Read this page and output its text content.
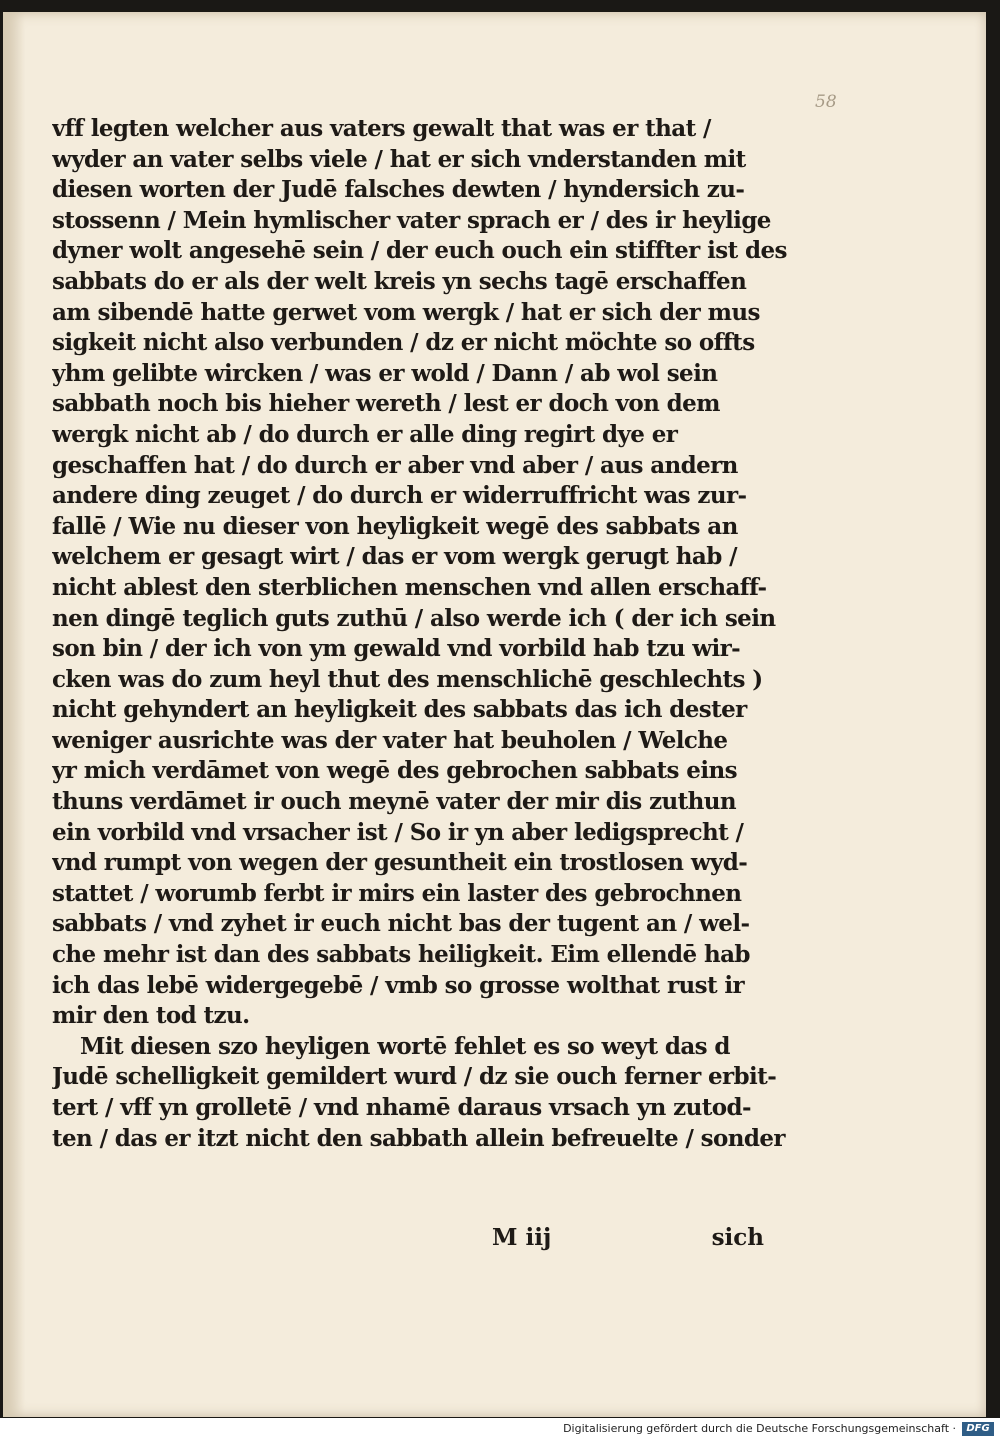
58
vff legten welcher aus vaters gewalt that was er that /
wyder an vater selbs viele / hat er sich vnderstanden mit
diesen worten der Judē falsches dewten / hyndersich zu-
stossenn / Mein hymlischer vater sprach er / des ir heylige
dyner wolt angesehē sein / der euch ouch ein stiffter ist des
sabbats do er als der welt kreis yn sechs tagē erschaffen
am sibendē hatte gerwet vom wergk / hat er sich der mus
sigkeit nicht also verbunden / dz er nicht möchte so offts
yhm gelibte wircken / was er wold / Dann / ab wol sein
sabbath noch bis hieher wereth / lest er doch von dem
wergk nicht ab / do durch er alle ding regirt dye er
geschaffen hat / do durch er aber vnd aber / aus andern
andere ding zeuget / do durch er widerruffricht was zur-
fallē / Wie nu dieser von heyligkeit wegē des sabbats an
welchem er gesagt wirt / das er vom wergk gerugt hab /
nicht ablest den sterblichen menschen vnd allen erschaff-
nen dingē teglich guts zuthū / also werde ich ( der ich sein
son bin / der ich von ym gewald vnd vorbild hab tzu wir-
cken was do zum heyl thut des menschlichē geschlechts )
nicht gehyndert an heyligkeit des sabbats das ich dester
weniger ausrichte was der vater hat beuholen / Welche
yr mich verdāmet von wegē des gebrochen sabbats eins
thuns verdāmet ir ouch meynē vater der mir dis zuthun
ein vorbild vnd vrsacher ist / So ir yn aber ledigsprecht /
vnd rumpt von wegen der gesuntheit ein trostlosen wyd-
stattet / worumb ferbt ir mirs ein laster des gebrochnen
sabbats / vnd zyhet ir euch nicht bas der tugent an / wel-
che mehr ist dan des sabbats heiligkeit. Eim ellendē hab
ich das lebē widergegebē / vmb so grosse wolthat rust ir
mir den tod tzu.
Mit diesen szo heyligen wortē fehlet es so weyt das d
Judē schelligkeit gemildert wurd / dz sie ouch ferner erbit-
tert / vff yn grolletē / vnd nhamē daraus vrsach yn zutod-
ten / das er itzt nicht den sabbath allein befreuelte / sonder
M iij	sich
Digitalisierung gefördert durch die Deutsche Forschungsgemeinschaft ·	DFG
